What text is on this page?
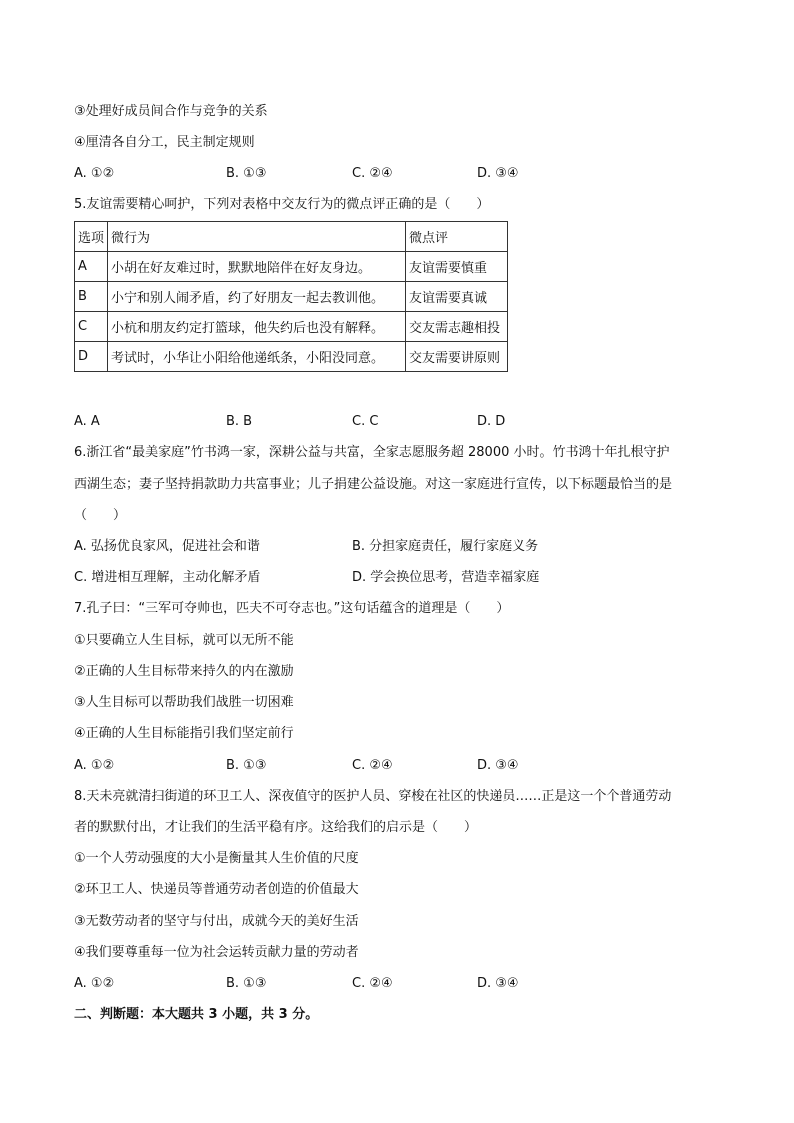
③处理好成员间合作与竞争的关系
④厘清各自分工，民主制定规则
A. ①②	B. ①③	C. ②④	D. ③④
5.友谊需要精心呵护，下列对表格中交友行为的微点评正确的是（　　）
选项	微行为	微点评
A	小胡在好友难过时，默默地陪伴在好友身边。	友谊需要慎重
B	小宁和别人闹矛盾，约了好朋友一起去教训他。	友谊需要真诚
C	小杭和朋友约定打篮球，他失约后也没有解释。	交友需志趣相投
D	考试时，小华让小阳给他递纸条，小阳没同意。	交友需要讲原则
A. A	B. B	C. C	D. D
6.浙江省“最美家庭”竹书鸿一家，深耕公益与共富，全家志愿服务超 28000 小时。竹书鸿十年扎根守护
西湖生态；妻子坚持捐款助力共富事业；儿子捐建公益设施。对这一家庭进行宣传，以下标题最恰当的是
（　　）
A. 弘扬优良家风，促进社会和谐	B. 分担家庭责任，履行家庭义务
C. 增进相互理解，主动化解矛盾	D. 学会换位思考，营造幸福家庭
7.孔子曰：“三军可夺帅也，匹夫不可夺志也。”这句话蕴含的道理是（　　）
①只要确立人生目标，就可以无所不能
②正确的人生目标带来持久的内在激励
③人生目标可以帮助我们战胜一切困难
④正确的人生目标能指引我们坚定前行
A. ①②	B. ①③	C. ②④	D. ③④
8.天未亮就清扫街道的环卫工人、深夜值守的医护人员、穿梭在社区的快递员……正是这一个个普通劳动
者的默默付出，才让我们的生活平稳有序。这给我们的启示是（　　）
①一个人劳动强度的大小是衡量其人生价值的尺度
②环卫工人、快递员等普通劳动者创造的价值最大
③无数劳动者的坚守与付出，成就今天的美好生活
④我们要尊重每一位为社会运转贡献力量的劳动者
A. ①②	B. ①③	C. ②④	D. ③④
二、判断题：本大题共 3 小题，共 3 分。
